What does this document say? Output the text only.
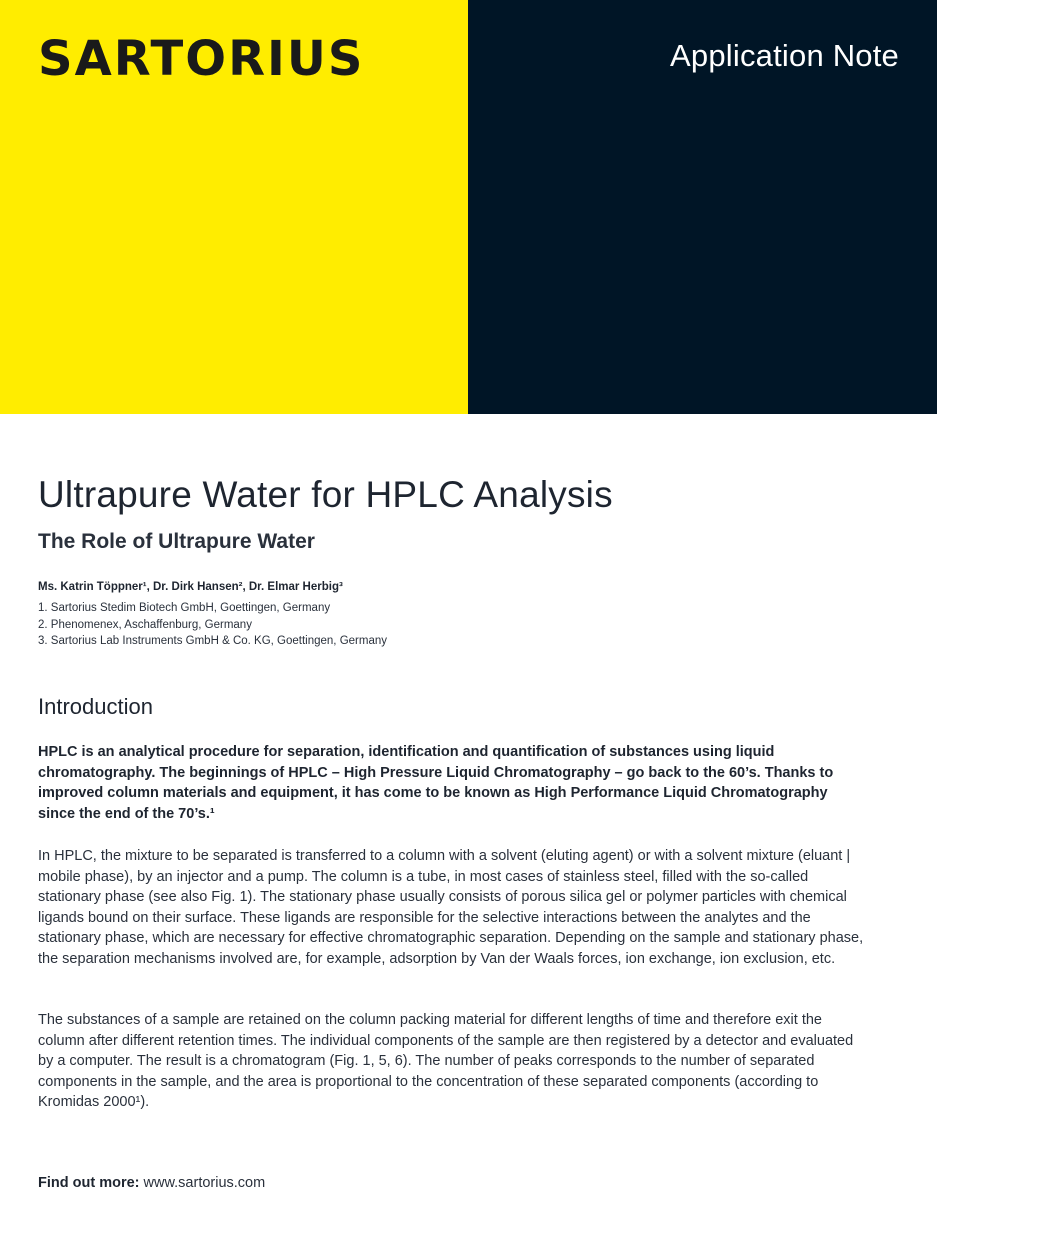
SARTORIUS	Application Note
April, 2014
Keywords or phrases:
Ultrapure Water for HPLC Analysis
No ghost peaks – for optimal results
Ultrapure Water for HPLC Analysis
The Role of Ultrapure Water
Ms. Katrin Töppner¹, Dr. Dirk Hansen², Dr. Elmar Herbig³
1. Sartorius Stedim Biotech GmbH, Goettingen, Germany
2. Phenomenex, Aschaffenburg, Germany
3. Sartorius Lab Instruments GmbH & Co. KG, Goettingen, Germany
Introduction

HPLC is an analytical procedure for separation, identification and quantification of substances using liquid chromatography. The beginnings of HPLC – High Pressure Liquid Chromatography – go back to the 60’s. Thanks to improved column materials and equipment, it has come to be known as High Performance Liquid Chromatography since the end of the 70’s.¹

In HPLC, the mixture to be separated is transferred to a column with a solvent (eluting agent) or with a solvent mixture (eluant | mobile phase), by an injector and a pump. The column is a tube, in most cases of stainless steel, filled with the so-called stationary phase (see also Fig. 1). The stationary phase usually consists of porous silica gel or polymer particles with chemical ligands bound on their surface. These ligands are responsible for the selective interactions between the analytes and the stationary phase, which are necessary for effective chromatographic separation. Depending on the sample and stationary phase, the separation mechanisms involved are, for example, adsorption by Van der Waals forces, ion exchange, ion exclusion, etc.

The substances of a sample are retained on the column packing material for different lengths of time and therefore exit the column after different retention times. The individual components of the sample are then registered by a detector and evaluated by a computer. The result is a chromatogram (Fig. 1, 5, 6). The number of peaks corresponds to the number of separated components in the sample, and the area is proportional to the concentration of these separated components (according to Kromidas 2000¹).

Find out more: www.sartorius.com
